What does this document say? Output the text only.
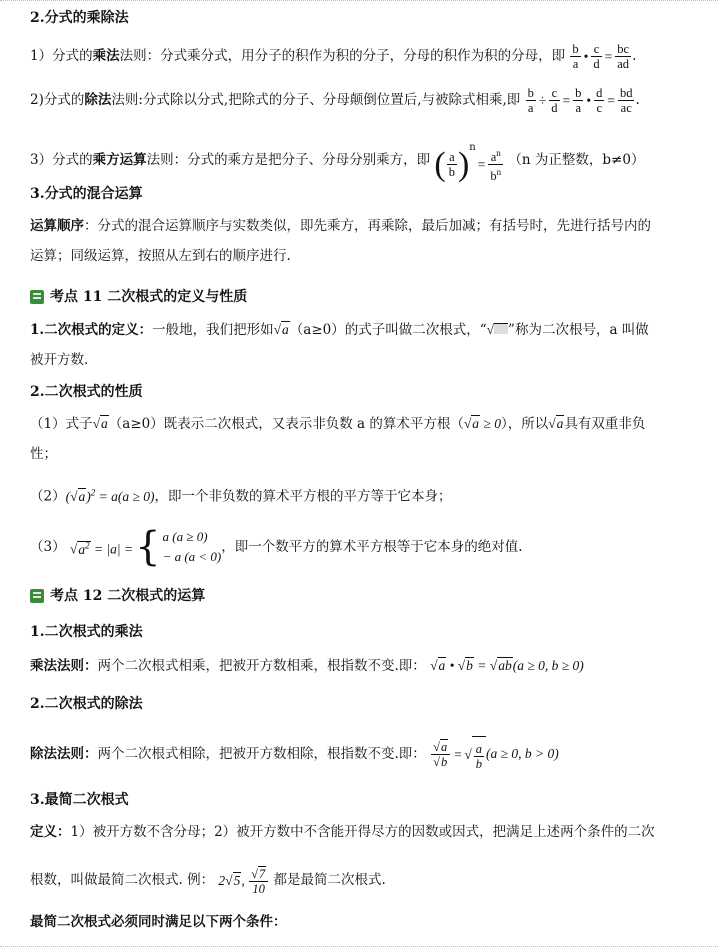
2.分式的乘除法
1）分式的乘法法则：分式乘分式，用分子的积作为积的分子，分母的积作为积的分母，即 $\frac{b}{a}$ • $\frac{c}{d} = \frac{bc}{ad}$ .
2)分式的除法法则:分式除以分式,把除式的分子、分母颠倒位置后,与被除式相乘,即 $\frac{b}{a} \div \frac{c}{d} = \frac{b}{a}$ • $\frac{d}{c} = \frac{bd}{ac}$ .
3）分式的乘方运算法则：分式的乘方是把分子、分母分别乘方，即 ( $\frac{a}{b} )^n= \frac{a^n}{b^n} (n$ 为正整数，b≠0）
3.分式的混合运算
运算顺序：分式的混合运算顺序与实数类似，即先乘方，再乘除，最后加减；有括号时，先进行括号内的
运算；同级运算，按照从左到右的顺序进行.
考点 11 二次根式的定义与性质
1.二次根式的定义：一般地，我们把形如√a（a≥0）的式子叫做二次根式，“√ ”称为二次根号，a 叫做
被开方数.
2.二次根式的性质
（1）式子√a（a≥0）既表示二次根式，又表示非负数 a 的算术平方根（√a ≥ 0），所以√a具有双重非负
性；
$(2)(√a)^2 = a(a \ge 0)$，即一个非负数的算术平方根的平方等于它本身；
（3） $√a^2 = |a|$ ={ a (a ≥ 0)
− a (a < 0)
，即一个数平方的算术平方根等于它本身的绝对值.
考点 12 二次根式的运算
1.二次根式的乘法
乘法法则：两个二次根式相乘，把被开方数相乘，根指数不变.即： √a • √b = √ab(a ≥ 0, b ≥ 0)
2.二次根式的除法
除法法则：两个二次根式相除，把被开方数相除，根指数不变.即： $\frac{√a}{√b}$ = √ $\frac{a}{b} (a \ge 0$, b > 0)
3.最简二次根式
定义：1）被开方数不含分母；2）被开方数中不含能开得尽方的因数或因式，把满足上述两个条件的二次
根数，叫做最简二次根式. 例： 2√5, $\frac{√7}{10}$ 都是最简二次根式.
最简二次根式必须同时满足以下两个条件：
